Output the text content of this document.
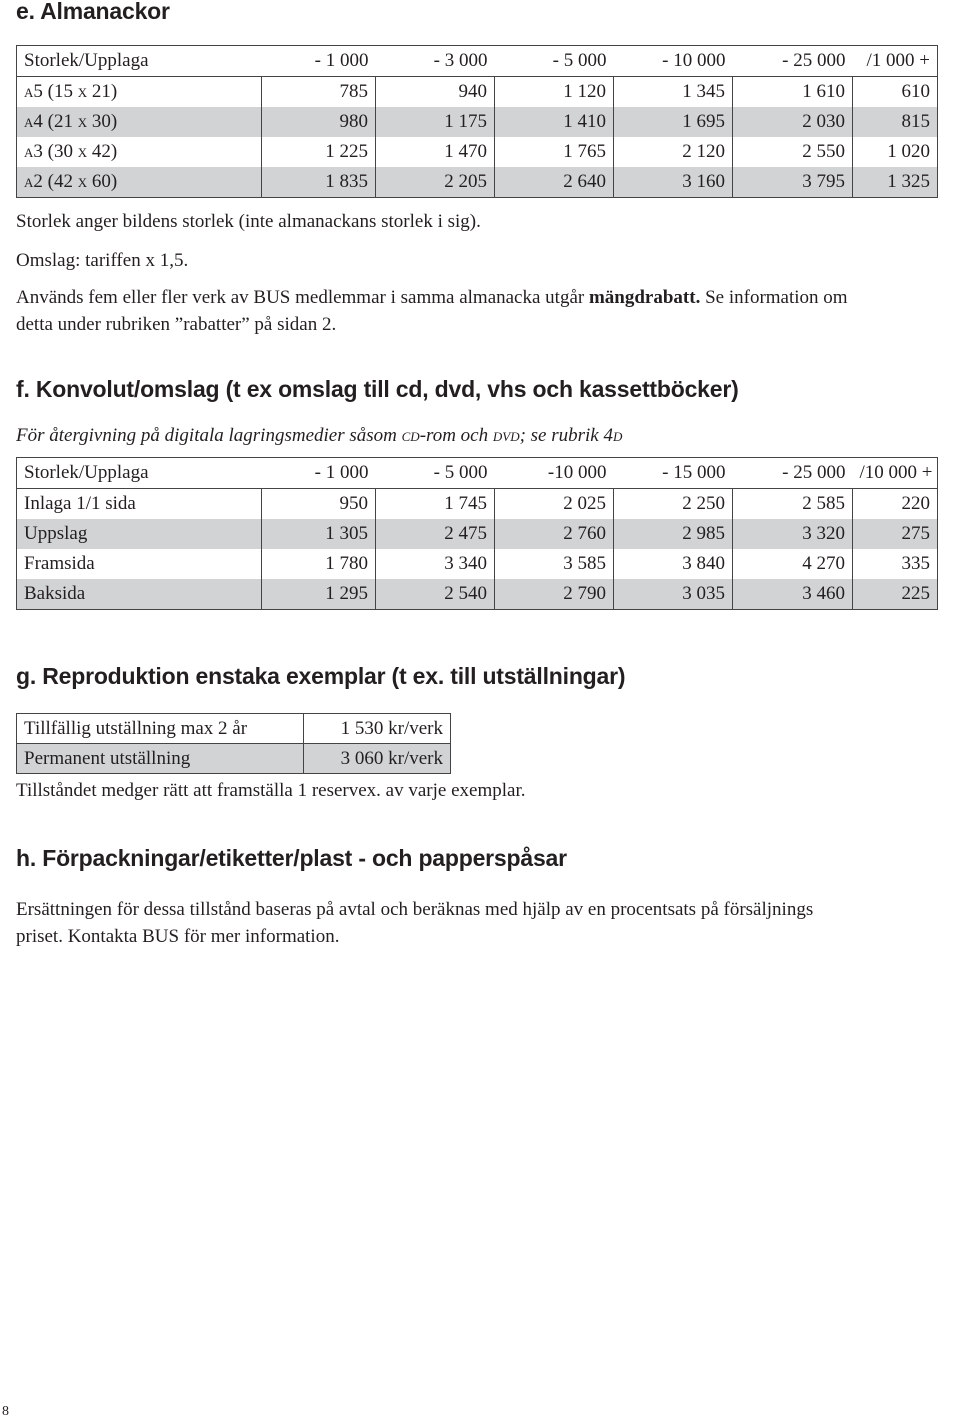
e. Almanackor
Storlek/Upplaga	- 1 000	- 3 000	- 5 000	- 10 000	- 25 000	/1 000 +
a5 (15 x 21)	785	940	1 120	1 345	1 610	610
a4 (21 x 30)	980	1 175	1 410	1 695	2 030	815
a3 (30 x 42)	1 225	1 470	1 765	2 120	2 550	1 020
a2 (42 x 60)	1 835	2 205	2 640	3 160	3 795	1 325

Storlek anger bildens storlek (inte almanackans storlek i sig).

Omslag: tariffen x 1,5.

Används fem eller fler verk av BUS medlemmar i samma almanacka utgår mängdrabatt. Se information om

detta under rubriken ”rabatter” på sidan 2.

f. Konvolut/omslag (t ex omslag till cd, dvd, vhs och kassettböcker)

För återgivning på digitala lagringsmedier såsom cd-rom och dvd; se rubrik 4d

Storlek/Upplaga	- 1 000	- 5 000	-10 000	- 15 000	- 25 000	/10 000 +
Inlaga 1/1 sida	950	1 745	2 025	2 250	2 585	220
Uppslag	1 305	2 475	2 760	2 985	3 320	275
Framsida	1 780	3 340	3 585	3 840	4 270	335
Baksida	1 295	2 540	2 790	3 035	3 460	225
g. Reproduktion enstaka exemplar (t ex. till utställningar)
Tillfällig utställning max 2 år	1 530 kr/verk
Permanent utställning	3 060 kr/verk

Tillståndet medger rätt att framställa 1 reservex. av varje exemplar.

h. Förpackningar/etiketter/plast - och papperspåsar

Ersättningen för dessa tillstånd baseras på avtal och beräknas med hjälp av en procentsats på försäljnings

priset. Kontakta BUS för mer information.

8
